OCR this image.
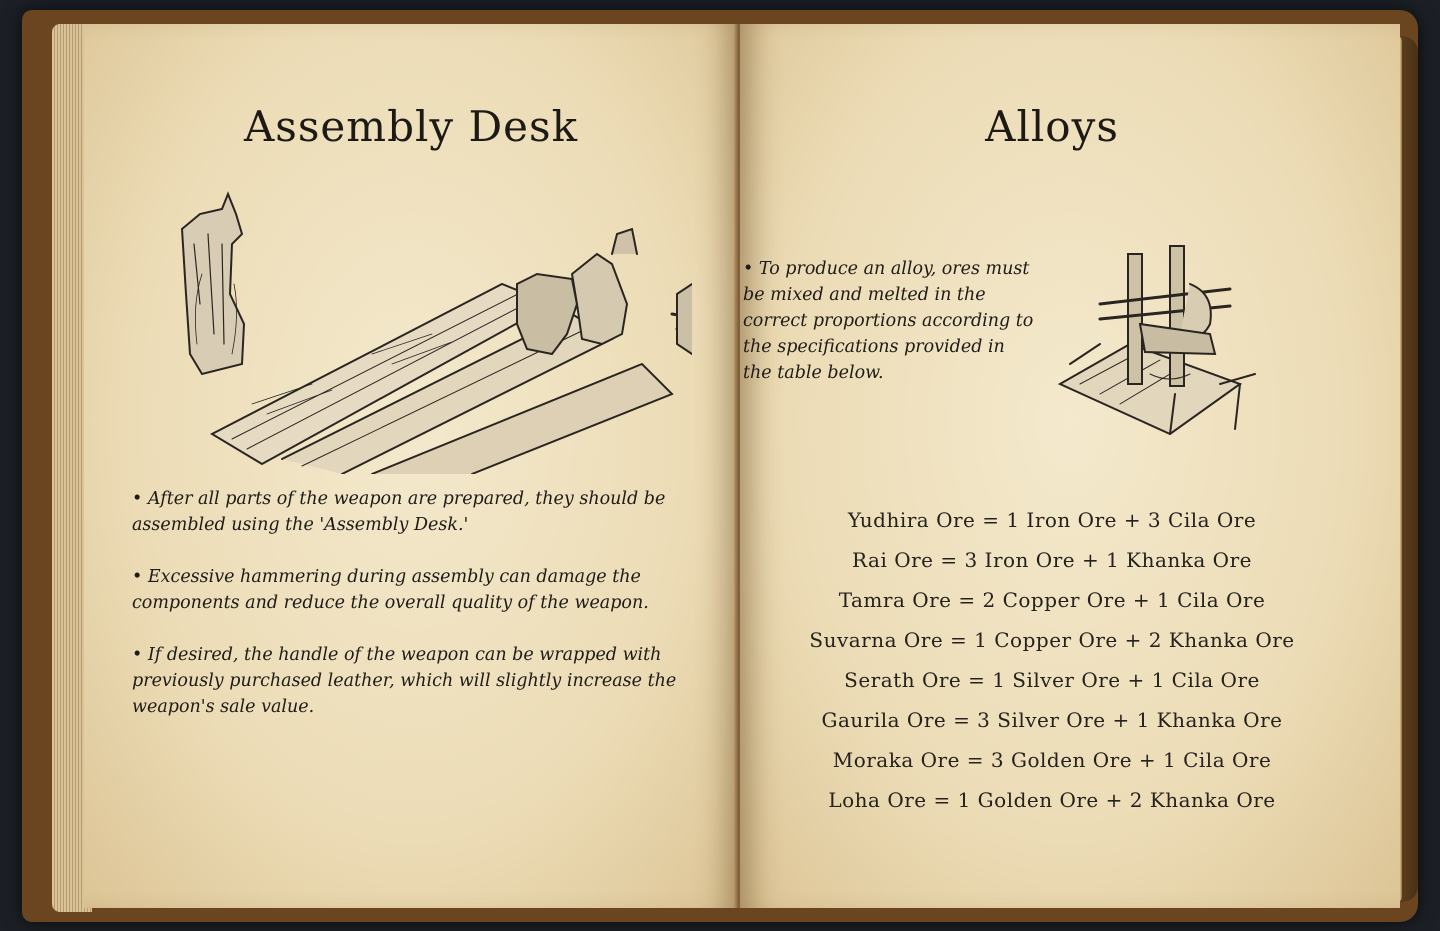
Assembly Desk

• After all parts of the weapon are prepared, they should be assembled using the 'Assembly Desk.'

• Excessive hammering during assembly can damage the components and reduce the overall quality of the weapon.

• If desired, the handle of the weapon can be wrapped with previously purchased leather, which will slightly increase the weapon's sale value.

Alloys
• To produce an alloy, ores must be mixed and melted in the correct proportions according to the specifications provided in the table below.
Yudhira Ore = 1 Iron Ore + 3 Cila Ore
Rai Ore = 3 Iron Ore + 1 Khanka Ore
Tamra Ore = 2 Copper Ore + 1 Cila Ore
Suvarna Ore = 1 Copper Ore + 2 Khanka Ore
Serath Ore = 1 Silver Ore + 1 Cila Ore
Gaurila Ore = 3 Silver Ore + 1 Khanka Ore
Moraka Ore = 3 Golden Ore + 1 Cila Ore
Loha Ore = 1 Golden Ore + 2 Khanka Ore
